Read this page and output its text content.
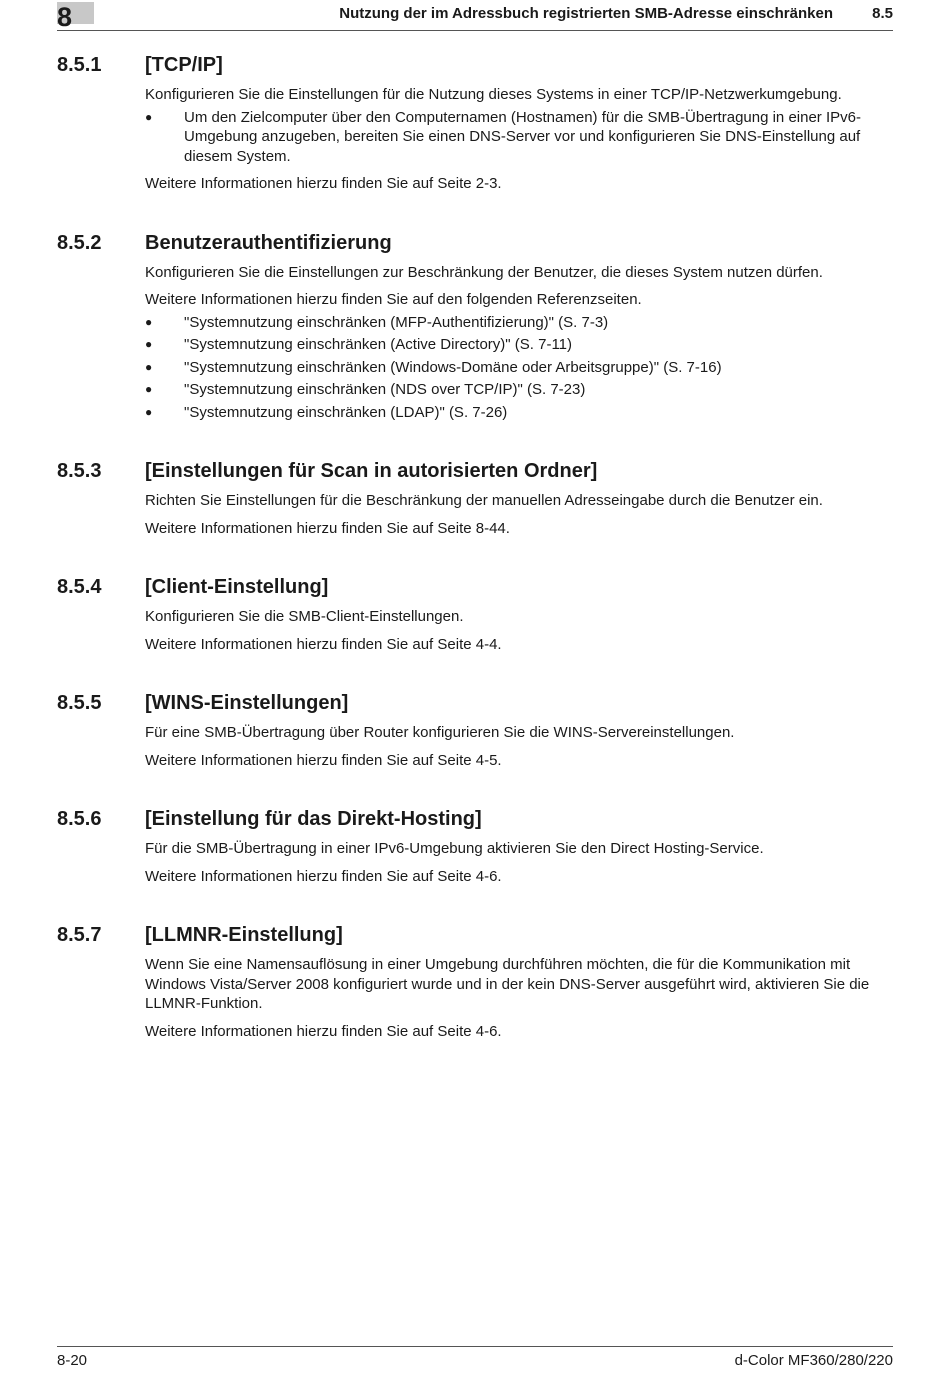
8	Nutzung der im Adressbuch registrierten SMB-Adresse einschränken	8.5
8.5.1	[TCP/IP]

Konfigurieren Sie die Einstellungen für die Nutzung dieses Systems in einer TCP/IP-Netzwerkumgebung.

● Um den Zielcomputer über den Computernamen (Hostnamen) für die SMB-Übertragung in einer IPv6-Umgebung anzugeben, bereiten Sie einen DNS-Server vor und konfigurieren Sie DNS-Einstellung auf diesem System.

Weitere Informationen hierzu finden Sie auf Seite 2-3.

8.5.2	Benutzerauthentifizierung

Konfigurieren Sie die Einstellungen zur Beschränkung der Benutzer, die dieses System nutzen dürfen.

Weitere Informationen hierzu finden Sie auf den folgenden Referenzseiten.

● "Systemnutzung einschränken (MFP-Authentifizierung)" (S. 7-3)
● "Systemnutzung einschränken (Active Directory)" (S. 7-11)
● "Systemnutzung einschränken (Windows-Domäne oder Arbeitsgruppe)" (S. 7-16)
● "Systemnutzung einschränken (NDS over TCP/IP)" (S. 7-23)
● "Systemnutzung einschränken (LDAP)" (S. 7-26)
8.5.3	[Einstellungen für Scan in autorisierten Ordner]

Richten Sie Einstellungen für die Beschränkung der manuellen Adresseingabe durch die Benutzer ein.

Weitere Informationen hierzu finden Sie auf Seite 8-44.

8.5.4	[Client-Einstellung]

Konfigurieren Sie die SMB-Client-Einstellungen.

Weitere Informationen hierzu finden Sie auf Seite 4-4.

8.5.5	[WINS-Einstellungen]

Für eine SMB-Übertragung über Router konfigurieren Sie die WINS-Servereinstellungen.

Weitere Informationen hierzu finden Sie auf Seite 4-5.

8.5.6	[Einstellung für das Direkt-Hosting]

Für die SMB-Übertragung in einer IPv6-Umgebung aktivieren Sie den Direct Hosting-Service.

Weitere Informationen hierzu finden Sie auf Seite 4-6.

8.5.7	[LLMNR-Einstellung]

Wenn Sie eine Namensauflösung in einer Umgebung durchführen möchten, die für die Kommunikation mit Windows Vista/Server 2008 konfiguriert wurde und in der kein DNS-Server ausgeführt wird, aktivieren Sie die LLMNR-Funktion.

Weitere Informationen hierzu finden Sie auf Seite 4-6.

8-20	d-Color MF360/280/220
